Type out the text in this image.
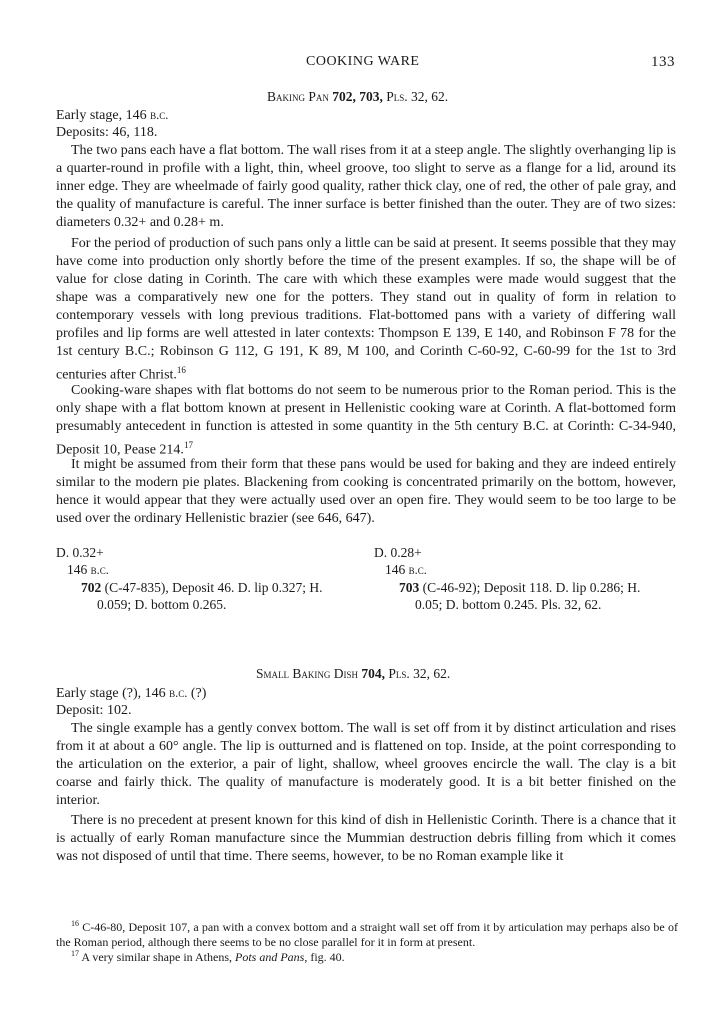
COOKING WARE	133
Baking Pan 702, 703, Pls. 32, 62.
Early stage, 146 b.c.
Deposits: 46, 118.
The two pans each have a flat bottom. The wall rises from it at a steep angle. The slightly overhanging lip is a quarter-round in profile with a light, thin, wheel groove, too slight to serve as a flange for a lid, around its inner edge. They are wheelmade of fairly good quality, rather thick clay, one of red, the other of pale gray, and the quality of manufacture is careful. The inner surface is better finished than the outer. They are of two sizes: diameters 0.32+ and 0.28+ m.
For the period of production of such pans only a little can be said at present. It seems possible that they may have come into production only shortly before the time of the present examples. If so, the shape will be of value for close dating in Corinth. The care with which these examples were made would suggest that the shape was a comparatively new one for the potters. They stand out in quality of form in relation to contemporary vessels with long previous traditions. Flat-bottomed pans with a variety of differing wall profiles and lip forms are well attested in later contexts: Thompson E 139, E 140, and Robinson F 78 for the 1st century B.C.; Robinson G 112, G 191, K 89, M 100, and Corinth C-60-92, C-60-99 for the 1st to 3rd centuries after Christ.$^{16}$
Cooking-ware shapes with flat bottoms do not seem to be numerous prior to the Roman period. This is the only shape with a flat bottom known at present in Hellenistic cooking ware at Corinth. A flat-bottomed form presumably antecedent in function is attested in some quantity in the 5th century B.C. at Corinth: C-34-940, Deposit 10, Pease 214.17
It might be assumed from their form that these pans would be used for baking and they are indeed entirely similar to the modern pie plates. Blackening from cooking is concentrated primarily on the bottom, however, hence it would appear that they were actually used over an open fire. They would seem to be too large to be used over the ordinary Hellenistic brazier (see 646, 647).
D. 0.32+
146 b.c.
702 (C-47-835), Deposit 46. D. lip 0.327; H.
0.059; D. bottom 0.265.
D. 0.28+
146 b.c.
703 (C-46-92); Deposit 118. D. lip 0.286; H.
0.05; D. bottom 0.245. Pls. 32, 62.
Small Baking Dish 704, Pls. 32, 62.
Early stage (?), 146 b.c. (?)
Deposit: 102.
The single example has a gently convex bottom. The wall is set off from it by distinct articulation and rises from it at about a 60° angle. The lip is outturned and is flattened on top. Inside, at the point corresponding to the articulation on the exterior, a pair of light, shallow, wheel grooves encircle the wall. The clay is a bit coarse and fairly thick. The quality of manufacture is moderately good. It is a bit better finished on the interior.
There is no precedent at present known for this kind of dish in Hellenistic Corinth. There is a chance that it is actually of early Roman manufacture since the Mummian destruction debris filling from which it comes was not disposed of until that time. There seems, however, to be no Roman example like it
$^{16}$ C-46-80, Deposit 107, a pan with a convex bottom and a straight wall set off from it by articulation may perhaps also be of the Roman period, although there seems to be no close parallel for it in form at present.
$^{17}$ A very similar shape in Athens, Pots and Pans, fig. 40.
